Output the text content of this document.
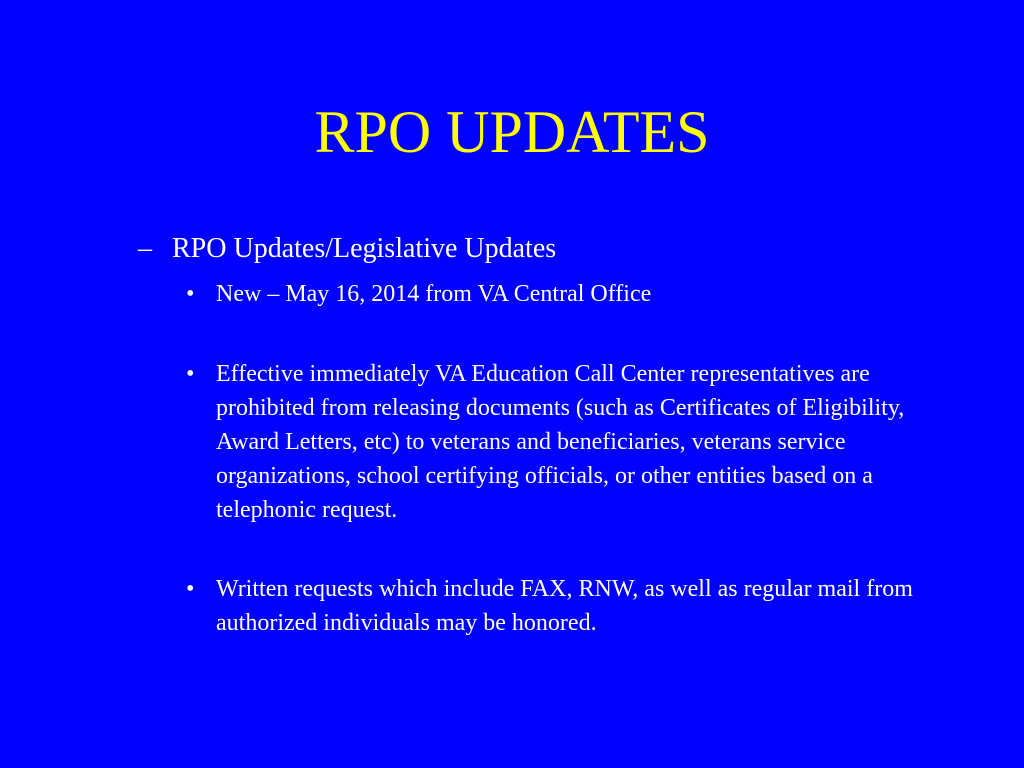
RPO UPDATES

– RPO Updates/Legislative Updates

• New – May 16, 2014 from VA Central Office
• Effective immediately VA Education Call Center representatives are prohibited from releasing documents (such as Certificates of Eligibility, Award Letters, etc) to veterans and beneficiaries, veterans service organizations, school certifying officials, or other entities based on a telephonic request.
• Written requests which include FAX, RNW, as well as regular mail from authorized individuals may be honored.
